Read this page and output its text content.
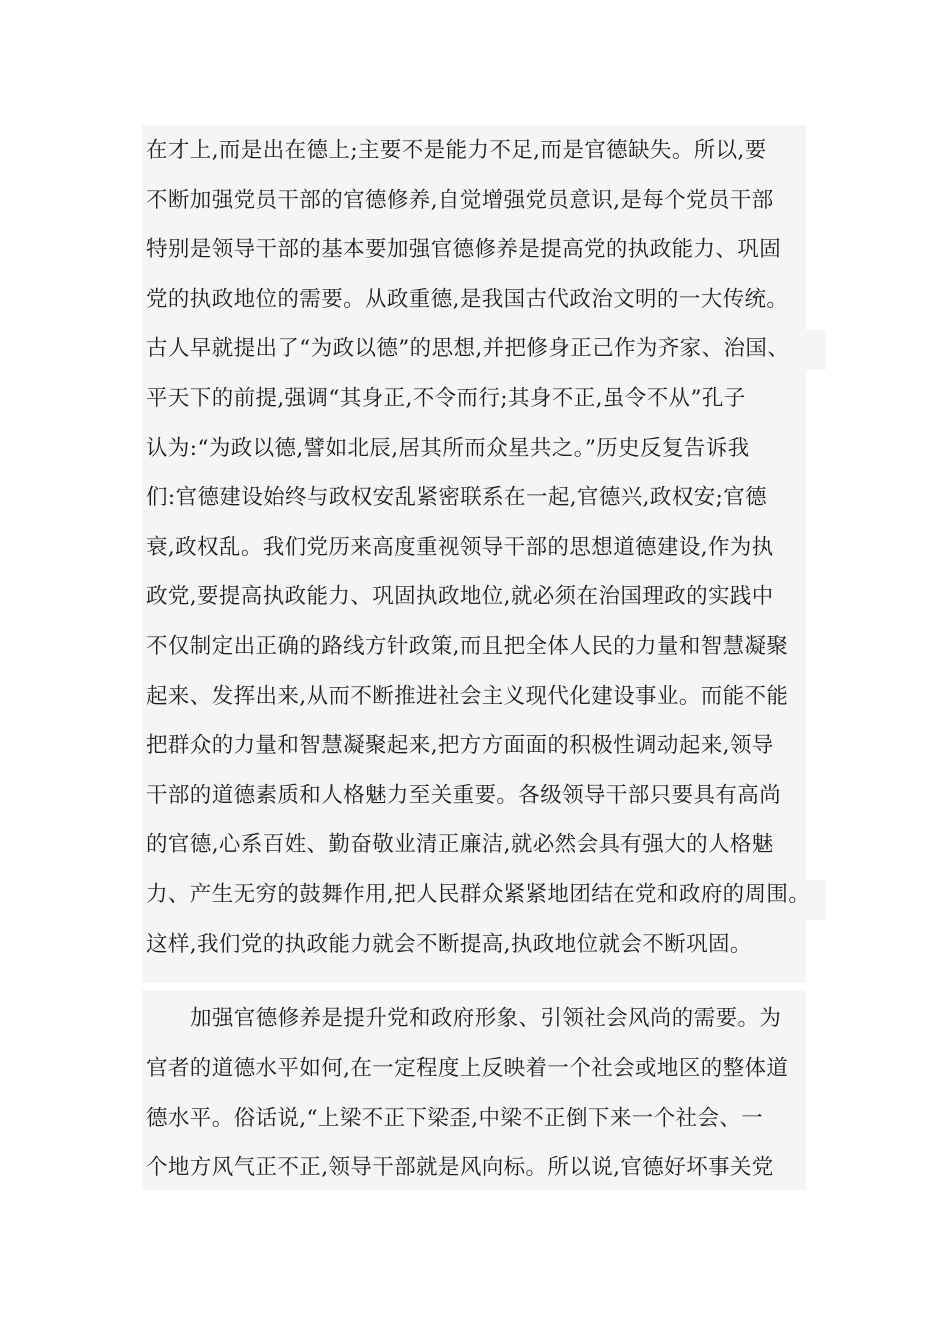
在才上,而是出在德上;主要不是能力不足,而是官德缺失。所以,要
不断加强党员干部的官德修养,自觉增强党员意识,是每个党员干部
特别是领导干部的基本要加强官德修养是提高党的执政能力、巩固
党的执政地位的需要。从政重德,是我国古代政治文明的一大传统。
古人早就提出了“为政以德”的思想,并把修身正己作为齐家、治国、
平天下的前提,强调“其身正,不令而行;其身不正,虽令不从”孔子
认为:“为政以德,譬如北辰,居其所而众星共之。”历史反复告诉我
们:官德建设始终与政权安乱紧密联系在一起,官德兴,政权安;官德
衰,政权乱。我们党历来高度重视领导干部的思想道德建设,作为执
政党,要提高执政能力、巩固执政地位,就必须在治国理政的实践中
不仅制定出正确的路线方针政策,而且把全体人民的力量和智慧凝聚
起来、发挥出来,从而不断推进社会主义现代化建设事业。而能不能
把群众的力量和智慧凝聚起来,把方方面面的积极性调动起来,领导
干部的道德素质和人格魅力至关重要。各级领导干部只要具有高尚
的官德,心系百姓、勤奋敬业清正廉洁,就必然会具有强大的人格魅
力、产生无穷的鼓舞作用,把人民群众紧紧地团结在党和政府的周围。
这样,我们党的执政能力就会不断提高,执政地位就会不断巩固。
加强官德修养是提升党和政府形象、引领社会风尚的需要。为
官者的道德水平如何,在一定程度上反映着一个社会或地区的整体道
德水平。俗话说,“上梁不正下梁歪,中梁不正倒下来一个社会、一
个地方风气正不正,领导干部就是风向标。所以说,官德好坏事关党
